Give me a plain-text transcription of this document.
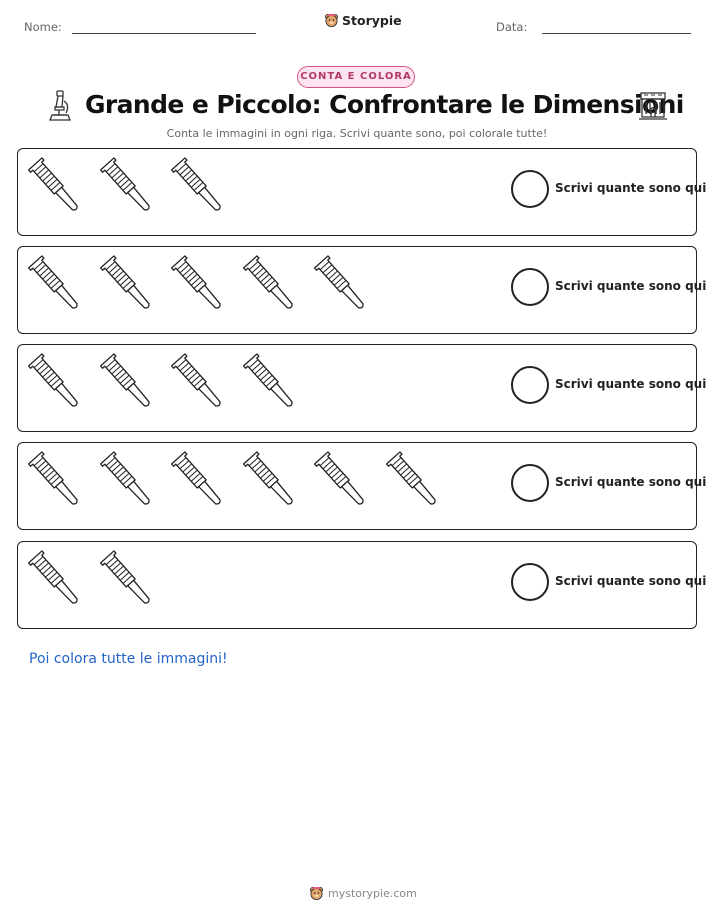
Nome:	Storypie	Data:
CONTA E COLORA
Grande e Piccolo: Confrontare le Dimensioni
Conta le immagini in ogni riga. Scrivi quante sono, poi colorale tutte!
Scrivi quante sono qui
Scrivi quante sono qui
Scrivi quante sono qui
Scrivi quante sono qui
Scrivi quante sono qui
Poi colora tutte le immagini!
mystorypie.com
